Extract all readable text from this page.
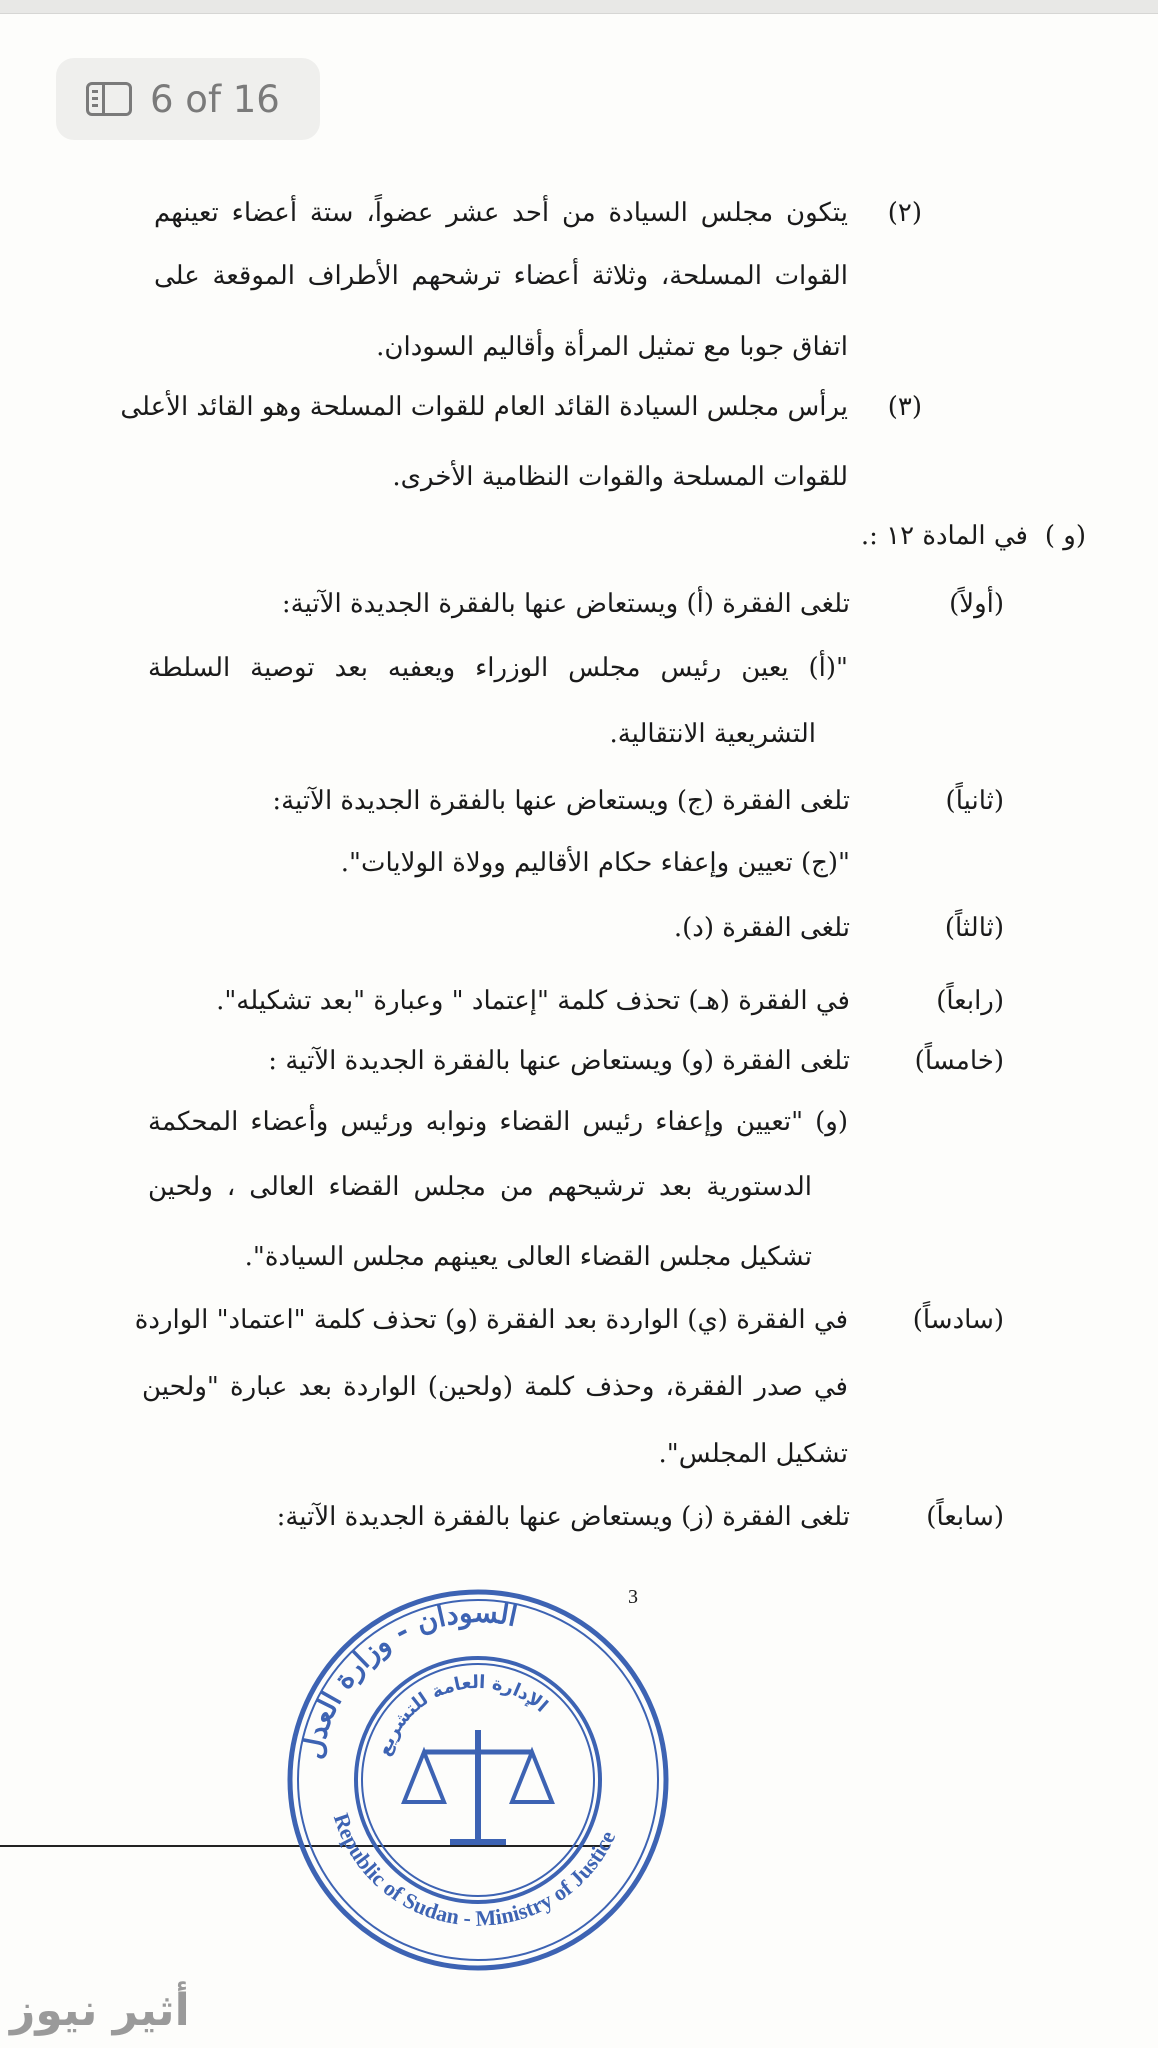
6 of 16
(٢)
يتكون مجلس السيادة من أحد عشر عضواً، ستة أعضاء تعينهم
القوات المسلحة، وثلاثة أعضاء ترشحهم الأطراف الموقعة على
اتفاق جوبا مع تمثيل المرأة وأقاليم السودان.
(٣)
يرأس مجلس السيادة القائد العام للقوات المسلحة وهو القائد الأعلى
للقوات المسلحة والقوات النظامية الأخرى.
(و )
في المادة ١٢ :.
(أولاً)
تلغى الفقرة (أ) ويستعاض عنها بالفقرة الجديدة الآتية:
"(أ) يعين رئيس مجلس الوزراء ويعفيه بعد توصية السلطة
التشريعية الانتقالية.
(ثانياً)
تلغى الفقرة (ج) ويستعاض عنها بالفقرة الجديدة الآتية:
"(ج) تعيين وإعفاء حكام الأقاليم وولاة الولايات".
(ثالثاً)
تلغى الفقرة (د).
(رابعاً)
في الفقرة (هـ) تحذف كلمة "إعتماد " وعبارة "بعد تشكيله".
(خامساً)
تلغى الفقرة (و) ويستعاض عنها بالفقرة الجديدة الآتية :
(و) "تعيين وإعفاء رئيس القضاء ونوابه ورئيس وأعضاء المحكمة
الدستورية بعد ترشيحهم من مجلس القضاء العالى ، ولحين
تشكيل مجلس القضاء العالى يعينهم مجلس السيادة".
(سادساً)
في الفقرة (ي) الواردة بعد الفقرة (و) تحذف كلمة "اعتماد" الواردة
في صدر الفقرة، وحذف كلمة (ولحين) الواردة بعد عبارة "ولحين
تشكيل المجلس".
(سابعاً)
تلغى الفقرة (ز) ويستعاض عنها بالفقرة الجديدة الآتية:
3
السودان - وزارة العدل
Republic of Sudan - Ministry of Justice
الإدارة العامة للتشريع
أثير نيوز
